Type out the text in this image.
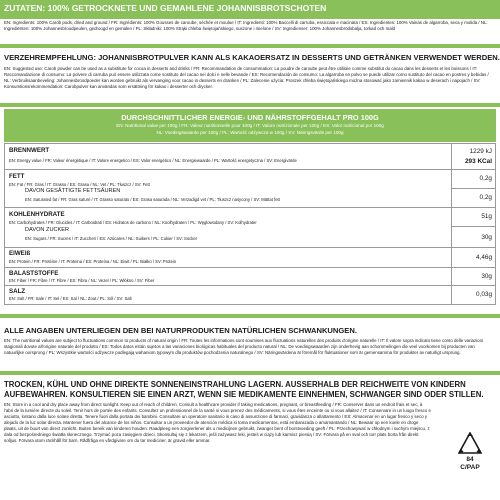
ZUTATEN: 100% GETROCKNETE UND GEMAHLENE JOHANNISBROTSCHOTEN
EN: Ingredients: 100% Carob pods, dried and ground / FR: Ingrédients: 100% Gousses de caroube, séchée et moulue / IT: Ingredienti: 100% Baccelli di carruba, essiccata e macinata / ES: Ingredientes: 100% Vainas de algarroba, seca y molida / NL: Ingrediënten: 100% Johannesbroodpeulen, gedroogd en gemalen / PL: Składniki: 100% Strąki chleba świętojańskiego, suszone i mielone / SV: Ingredienser: 100% Johannesbrödsbalja, torkad och mald
VERZEHREMPFEHLUNG: JOHANNISBROTPULVER KANN ALS KAKAOERSATZ IN DESSERTS UND GETRÄNKEN VERWENDET WERDEN.
EN: Suggested use: Carob powder can be used as a substitute for cocoa in desserts and drinks / FR: Recommandation de consommation: La poudre de caroube peut être utilisée comme substitut du cacao dans les desserts et les boissons / IT: Raccomandazione di consumo: La polvere di carruba può essere utilizzata come sostituto del cacao nei dolci e nelle bevande / ES: Recomendación de consumo: La algarroba en polvo se puede utilizar como sustituto del cacao en postres y bebidas / NL: Verbruiksaanbeveling: Johannesbroodpoeder kan worden gebruikt als vervanging voor cacao in desserts en dranken / PL: Zalecenie użycia: Proszek chleba świętojańskiego można stosować jako zamiennik kakao w deserach i napojach / SV: Konsumtionsrekommendation: Carobpulver kan användas som ersättning för kakao i desserter och drycker.
DURCHSCHNITTLICHER ENERGIE- UND NÄHRSTOFFGEHALT PRO 100G
EN: Nutritional value per 100g / FR: Valeur nutritionnelle pour 100g / IT: Valore nutrizionale per 100g / ES: Valor nutricional por 100g
NL: Voedingswaarde per 100g / PL: Wartość odżywcza w 100g / SV: Näringsvärde per 100g
BRENNWERT
EN: Energy value / FR: Valeur énergétique / IT: Valore energetico / ES: Valor energético / NL: Energiewaarde / PL: Wartość energetyczna / SV: Energivärde
1229 kJ
293 KCal
FETT
EN: Fat / FR: Gras / IT: Grasso / ES: Grasa / NL: Vet / PL: Tłuszcz / SV: Fett
DAVON GESÄTTIGTE FETTSÄUREN
EN: Saturated fat / FR: Gras saturé / IT: Grasso saturato / ES: Grasa saturada / NL: Verzadigd vet / PL: Tłuszcz nasycony / SV: Mättat fett
0,2g
0,2g
KOHLENHYDRATE
EN: Carbohydrates / FR: Glucides / IT: Carboidrati / ES: Hidratos de carbono / NL: Koolhydraten / PL: Węglowodany / SV: Kolhydrater
DAVON ZUCKER
EN: Sugars / FR: Sucres / IT: Zuccheri / ES: Azúcares / NL: Suikers / PL: Cukier / SV: Socker
51g
30g
EIWEIß
EN: Protein / FR: Protéine / IT: Proteina / ES: Proteína / NL: Eiwit / PL: Białko / SV: Protein
4,46g
BALASTSTOFFE
EN: Fiber / FR: Fibre / IT: Fibre / ES: Fibra / NL: Vezel / PL: Włókno / SV: Fiber
30g
SALZ
EN: Salt / FR: Sale / IT: Sel / ES: Sal / NL: Zout / PL: Sól / SV: Salt
0,03g
ALLE ANGABEN UNTERLIEGEN DEN BEI NATURPRODUKTEN NATÜRLICHEN SCHWANKUNGEN.
EN: The nutritional values are subject to fluctuations common to products of natural origin / FR: Toutes les informations sont soumises aux fluctuations naturelles des produits d'origine naturelle / IT: Il valore sopra indicato tiene conto delle variazioni stagionali dovute all'origine naturale del prodotto / ES: Todos datos están sujetos a las variaciones biológicas habituales del producto natural / NL: De voedingswaarden zijn onderhevig aan schommelingen die veel voorkomen bij producten van natuurlijke oorsprong / PL: Wszystkie wartości odżywcze podlegają wahaniom typowym dla produktów pochodzenia naturalnego / SV: Näringsvärdena är föremål för fluktuationer som är gemensamma för produkter av naturligt ursprung.
TROCKEN, KÜHL UND OHNE DIREKTE SONNENEINSTRAHLUNG LAGERN. AUSSERHALB DER REICHWEITE VON KINDERN AUFBEWAHREN. KONSULTIEREN SIE EINEN ARZT, WENN SIE MEDIKAMENTE EINNEHMEN, SCHWANGER SIND ODER STILLEN.
EN: Store in a cool and dry place away from direct sunlight. Keep out of reach of children. Consult a healthcare provider if taking medications, pregnant, or breastfeeding / FR: Conserver dans un endroit frais et sec, à l'abri de la lumière directe du soleil. Tenir hors de portée des enfants. Consultez un professionnel de la santé si vous prenez des médicaments, si vous êtes enceinte ou si vous allaitez / IT: Conservare in un luogo fresco e asciutto, lontano dalla luce solare diretta. Tenere fuori dalla portata dei bambini. Consultare un operatore sanitario in caso di assunzione di farmaci, gravidanza o allattamento / ES: Almacenar en un lugar fresco y seco y alejado de la luz solar directa. Mantener fuera del alcance de los niños. Consultar a un proveedor de atención médica si toma medicamentos, está embarazada o amamantando / NL: Bewaar op een koele en droge plaats, uit de buurt van direct zonlicht. Buiten bereik van kinderen houden. Raadpleeg een zorgverlener als u medicijnen gebruikt, zwanger bent of borstvoeding geeft / PL: Przechowywać w chłodnym i suchym miejscu, z dala od bezpośredniego światła słonecznego. Trzymać poza zasięgiem dzieci. Skonsultuj się z lekarzem, jeśli zażywasz leki, jesteś w ciąży lub karmisz piersią / SV: Förvara på en sval och torr plats borta från direkt solljus. Förvara utom räckhåll för barn. Rådfråga en vårdgivare om du tar mediciner, är gravid eller ammar.
84
C/PAP
